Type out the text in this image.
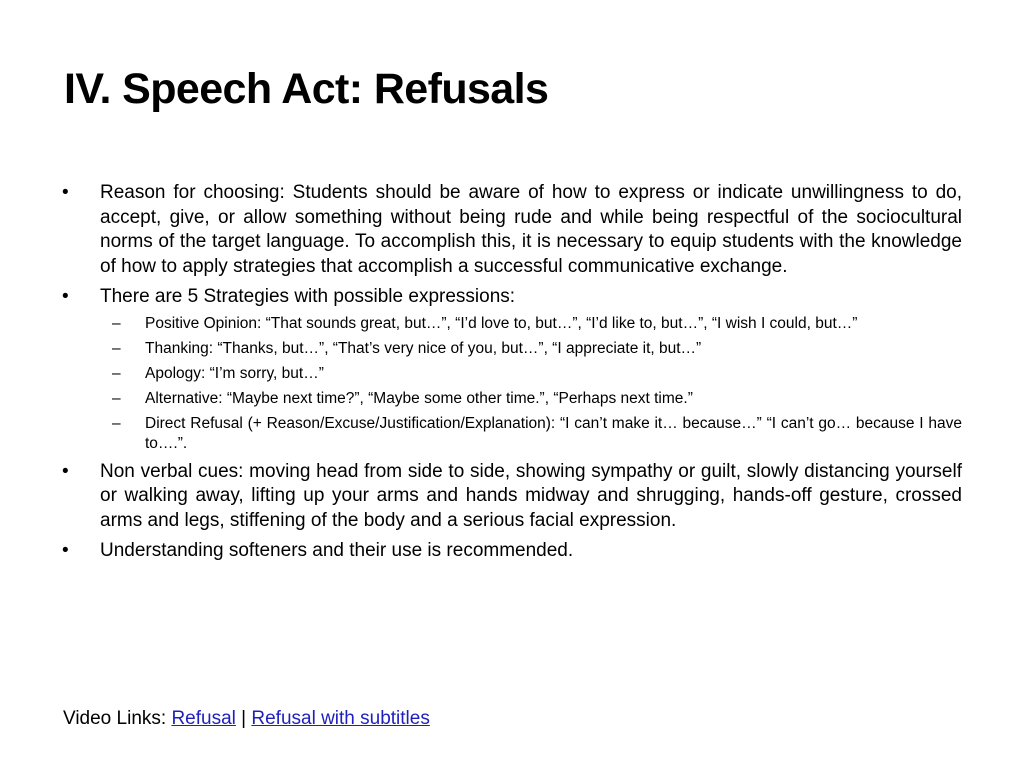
IV. Speech Act: Refusals
• Reason for choosing: Students should be aware of how to express or indicate unwillingness to do, accept, give, or allow something without being rude and while being respectful of the sociocultural norms of the target language. To accomplish this, it is necessary to equip students with the knowledge of how to apply strategies that accomplish a successful communicative exchange.
• There are 5 Strategies with possible expressions:
– Positive Opinion: “That sounds great, but…”, “I’d love to, but…”, “I’d like to, but…”, “I wish I could, but…”
– Thanking: “Thanks, but…”, “That’s very nice of you, but…”, “I appreciate it, but…”
– Apology: “I’m sorry, but…”
– Alternative: “Maybe next time?”, “Maybe some other time.”, “Perhaps next time.”
– Direct Refusal (+ Reason/Excuse/Justification/Explanation): “I can’t make it… because…” “I can’t go… because I have to….”.
• Non verbal cues: moving head from side to side, showing sympathy or guilt, slowly distancing yourself or walking away, lifting up your arms and hands midway and shrugging, hands-off gesture, crossed arms and legs, stiffening of the body and a serious facial expression.
• Understanding softeners and their use is recommended.
Video Links: Refusal | Refusal with subtitles
